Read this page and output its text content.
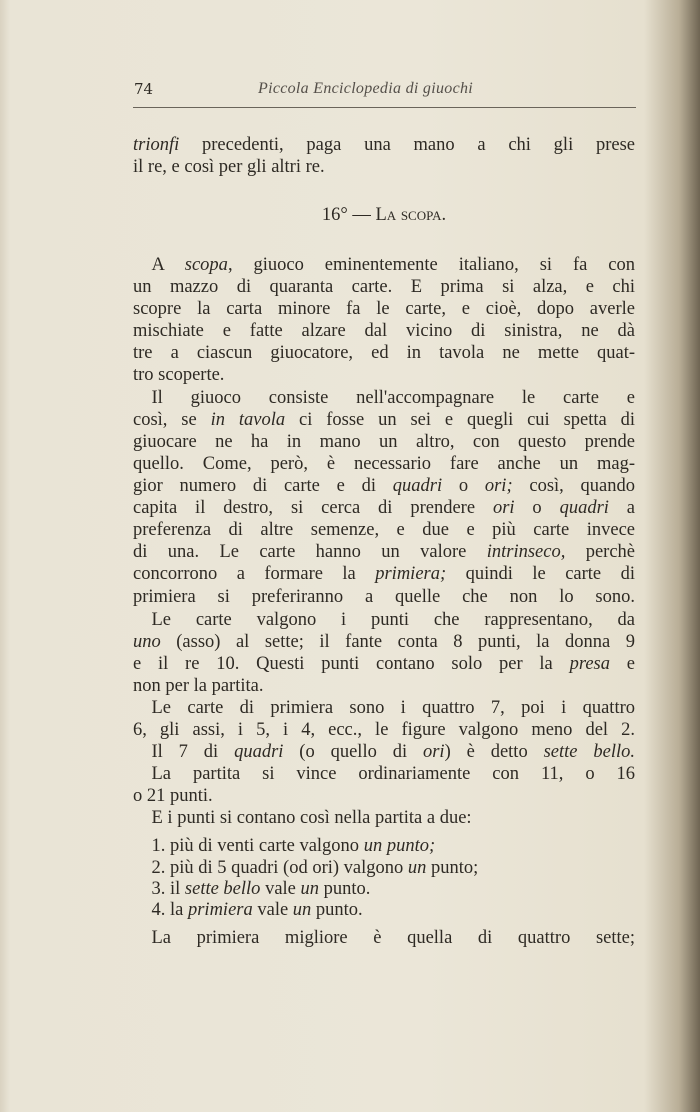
74	Piccola Enciclopedia di giuochi
trionfi precedenti, paga una mano a chi gli prese
il re, e così per gli altri re.
16° — La scopa.
 A scopa, giuoco eminentemente italiano, si fa con
un mazzo di quaranta carte. E prima si alza, e chi
scopre la carta minore fa le carte, e cioè, dopo averle
mischiate e fatte alzare dal vicino di sinistra, ne dà
tre a ciascun giuocatore, ed in tavola ne mette quat-
tro scoperte.
 Il giuoco consiste nell'accompagnare le carte e
così, se in tavola ci fosse un sei e quegli cui spetta di
giuocare ne ha in mano un altro, con questo prende
quello. Come, però, è necessario fare anche un mag-
gior numero di carte e di quadri o ori; così, quando
capita il destro, si cerca di prendere ori o quadri a
preferenza di altre semenze, e due e più carte invece
di una. Le carte hanno un valore intrinseco, perchè
concorrono a formare la primiera; quindi le carte di
primiera si preferiranno a quelle che non lo sono.
 Le carte valgono i punti che rappresentano, da
uno (asso) al sette; il fante conta 8 punti, la donna 9
e il re 10. Questi punti contano solo per la presa e
non per la partita.
 Le carte di primiera sono i quattro 7, poi i quattro
6, gli assi, i 5, i 4, ecc., le figure valgono meno del 2.
 Il 7 di quadri (o quello di ori) è detto sette bello.
 La partita si vince ordinariamente con 11, o 16
o 21 punti.
 E i punti si contano così nella partita a due:
 1. più di venti carte valgono un punto;
 2. più di 5 quadri (od ori) valgono un punto;
 3. il sette bello vale un punto.
 4. la primiera vale un punto.
 La primiera migliore è quella di quattro sette;
